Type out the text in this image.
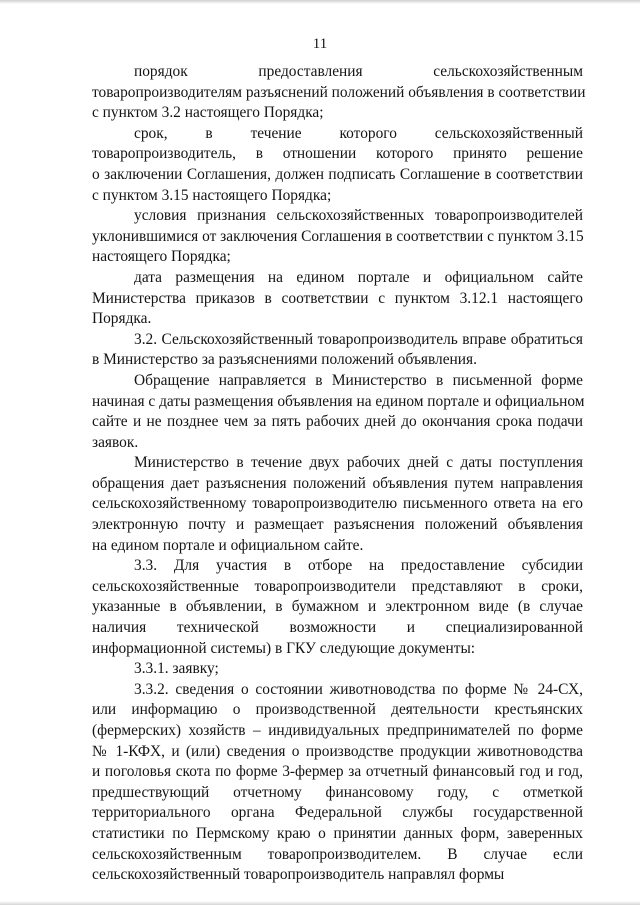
11
порядок предоставления сельскохозяйственным
товаропроизводителям разъяснений положений объявления в соответствии
с пунктом 3.2 настоящего Порядка;
срок, в течение которого сельскохозяйственный
товаропроизводитель, в отношении которого принято решение
о заключении Соглашения, должен подписать Соглашение в соответствии
с пунктом 3.15 настоящего Порядка;
условия признания сельскохозяйственных товаропроизводителей
уклонившимися от заключения Соглашения в соответствии с пунктом 3.15
настоящего Порядка;
дата размещения на едином портале и официальном сайте
Министерства приказов в соответствии с пунктом 3.12.1 настоящего
Порядка.
3.2. Сельскохозяйственный товаропроизводитель вправе обратиться
в Министерство за разъяснениями положений объявления.
Обращение направляется в Министерство в письменной форме
начиная с даты размещения объявления на едином портале и официальном
сайте и не позднее чем за пять рабочих дней до окончания срока подачи
заявок.
Министерство в течение двух рабочих дней с даты поступления
обращения дает разъяснения положений объявления путем направления
сельскохозяйственному товаропроизводителю письменного ответа на его
электронную почту и размещает разъяснения положений объявления
на едином портале и официальном сайте.
3.3. Для участия в отборе на предоставление субсидии
сельскохозяйственные товаропроизводители представляют в сроки,
указанные в объявлении, в бумажном и электронном виде (в случае
наличия технической возможности и специализированной
информационной системы) в ГКУ следующие документы:
3.3.1. заявку;
3.3.2. сведения о состоянии животноводства по форме № 24-СХ,
или информацию о производственной деятельности крестьянских
(фермерских) хозяйств – индивидуальных предпринимателей по форме
№ 1-КФХ, и (или) сведения о производстве продукции животноводства
и поголовья скота по форме 3-фермер за отчетный финансовый год и год,
предшествующий отчетному финансовому году, с отметкой
территориального органа Федеральной службы государственной
статистики по Пермскому краю о принятии данных форм, заверенных
сельскохозяйственным товаропроизводителем. В случае если
сельскохозяйственный товаропроизводитель направлял формы
